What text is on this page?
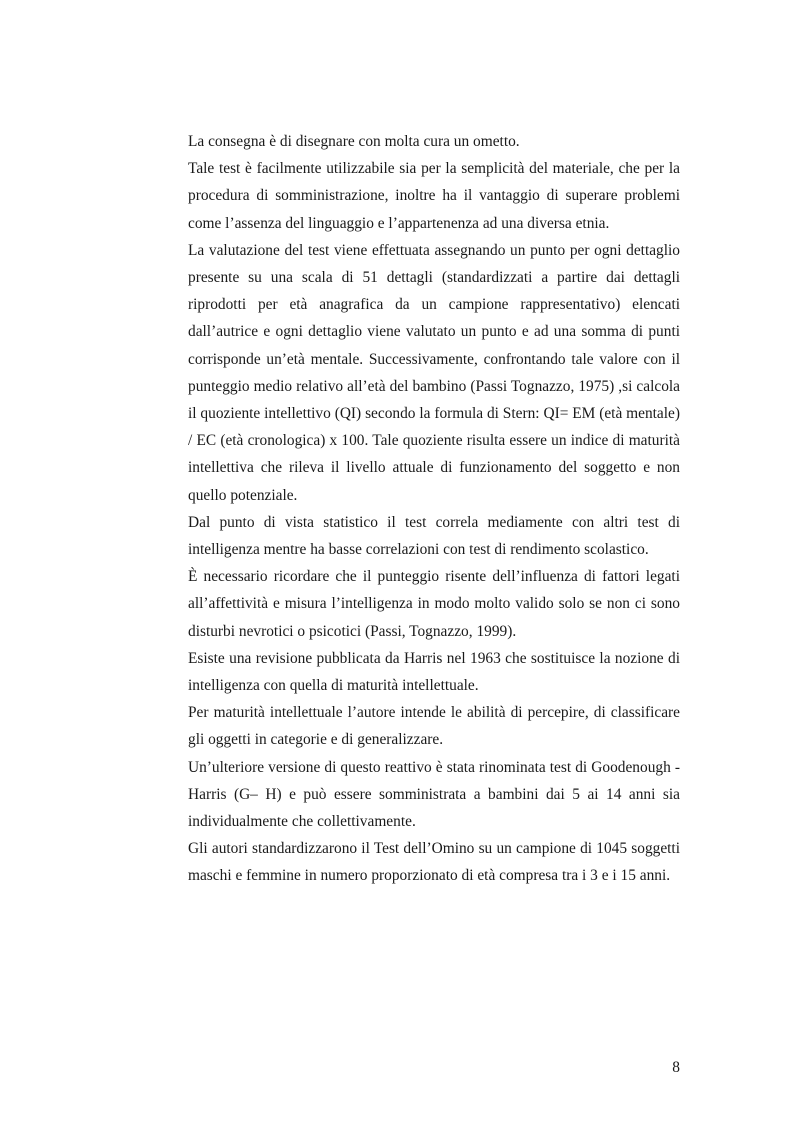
La consegna è di disegnare con molta cura un ometto.

Tale test è facilmente utilizzabile sia per la semplicità del materiale, che per la procedura di somministrazione, inoltre ha il vantaggio di superare problemi come l’assenza del linguaggio e l’appartenenza ad una diversa etnia.

La valutazione del test viene effettuata assegnando un punto per ogni dettaglio presente su una scala di 51 dettagli (standardizzati a partire dai dettagli riprodotti per età anagrafica da un campione rappresentativo) elencati dall’autrice e ogni dettaglio viene valutato un punto e ad una somma di punti corrisponde un’età mentale. Successivamente, confrontando tale valore con il punteggio medio relativo all’età del bambino (Passi Tognazzo, 1975) ,si calcola il quoziente intellettivo (QI) secondo la formula di Stern: QI= EM (età mentale) / EC (età cronologica) x 100. Tale quoziente risulta essere un indice di maturità intellettiva che rileva il livello attuale di funzionamento del soggetto e non quello potenziale.

Dal punto di vista statistico il test correla mediamente con altri test di intelligenza mentre ha basse correlazioni con test di rendimento scolastico.

È necessario ricordare che il punteggio risente dell’influenza di fattori legati all’affettività e misura l’intelligenza in modo molto valido solo se non ci sono disturbi nevrotici o psicotici (Passi, Tognazzo, 1999).

Esiste una revisione pubblicata da Harris nel 1963 che sostituisce la nozione di intelligenza con quella di maturità intellettuale.

Per maturità intellettuale l’autore intende le abilità di percepire, di classificare gli oggetti in categorie e di generalizzare.

Un’ulteriore versione di questo reattivo è stata rinominata test di Goodenough - Harris (G– H) e può essere somministrata a bambini dai 5 ai 14 anni sia individualmente che collettivamente.

Gli autori standardizzarono il Test dell’Omino su un campione di 1045 soggetti maschi e femmine in numero proporzionato di età compresa tra i 3 e i 15 anni.

8
